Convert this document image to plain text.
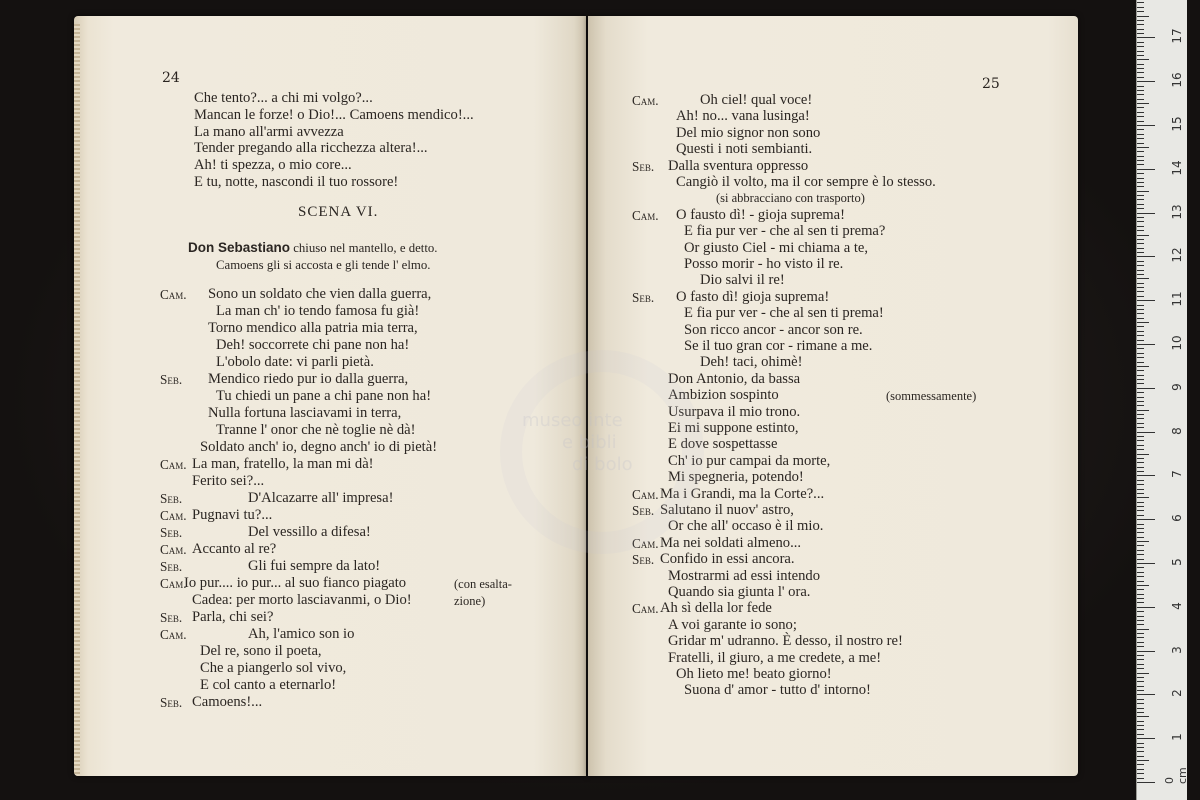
24
Che tento?... a chi mi volgo?...
Mancan le forze! o Dio!... Camoens mendico!...
La mano all'armi avvezza
Tender pregando alla ricchezza altera!...
Ah! ti spezza, o mio core...
E tu, notte, nascondi il tuo rossore!
SCENA VI.
Don Sebastiano chiuso nel mantello, e detto.
Camoens gli si accosta e gli tende l' elmo.
Cam. Sono un soldato che vien dalla guerra,
La man ch' io tendo famosa fu già!
Torno mendico alla patria mia terra,
Deh! soccorrete chi pane non ha!
L'obolo date: vi parli pietà.
Seb. Mendico riedo pur io dalla guerra,
Tu chiedi un pane a chi pane non ha!
Nulla fortuna lasciavami in terra,
Tranne l' onor che nè toglie nè dà!
Soldato anch' io, degno anch' io di pietà!
Cam. La man, fratello, la man mi dà!
Ferito sei?...
Seb.	D'Alcazarre all' impresa!
Cam. Pugnavi tu?...
Seb.	Del vessillo a difesa!
Cam. Accanto al re?
Seb.	Gli fui sempre da lato!
Cam.
Io pur.... io pur... al suo fianco piagato	(con esalta-
Cadea: per morto lasciavanmi, o Dio!	zione)
Seb. Parla, chi sei?
Cam.	Ah, l'amico son io
Del re, sono il poeta,
Che a piangerlo sol vivo,
E col canto a eternarlo!
Seb. Camoens!...
25
Cam.	Oh ciel! qual voce!
Ah! no... vana lusinga!
Del mio signor non sono
Questi i noti sembianti.
Seb. Dalla sventura oppresso
Cangiò il volto, ma il cor sempre è lo stesso.
(si abbracciano con trasporto)
Cam. O fausto dì! - gioja suprema!
E fia pur ver - che al sen ti prema?
Or giusto Ciel - mi chiama a te,
Posso morir - ho visto il re.
Dio salvi il re!
Seb. O fasto dì! gioja suprema!
E fia pur ver - che al sen ti prema!
Son ricco ancor - ancor son re.
Se il tuo gran cor - rimane a me.
Deh! taci, ohimè!
Don Antonio, da bassa
Ambizion sospinto	(sommessamente)
Usurpava il mio trono.
Ei mi suppone estinto,
E dove sospettasse
Ch' io pur campai da morte,
Mi spegneria, potendo!
Cam. Ma i Grandi, ma la Corte?...
Seb. Salutano il nuov' astro,
Or che all' occaso è il mio.
Cam. Ma nei soldati almeno...
Seb. Confido in essi ancora.
Mostrarmi ad essi intendo
Quando sia giunta l' ora.
Cam. Ah sì della lor fede
A voi garante io sono;
Gridar m' udranno. È desso, il nostro re!
Fratelli, il giuro, a me credete, a me!
Oh lieto me! beato giorno!
Suona d' amor - tutto d' intorno!
museo inte
e bibli
di bolo
0 cm
1
2
3
4
5
6
7
8
9
10
11
12
13
14
15
16
17
